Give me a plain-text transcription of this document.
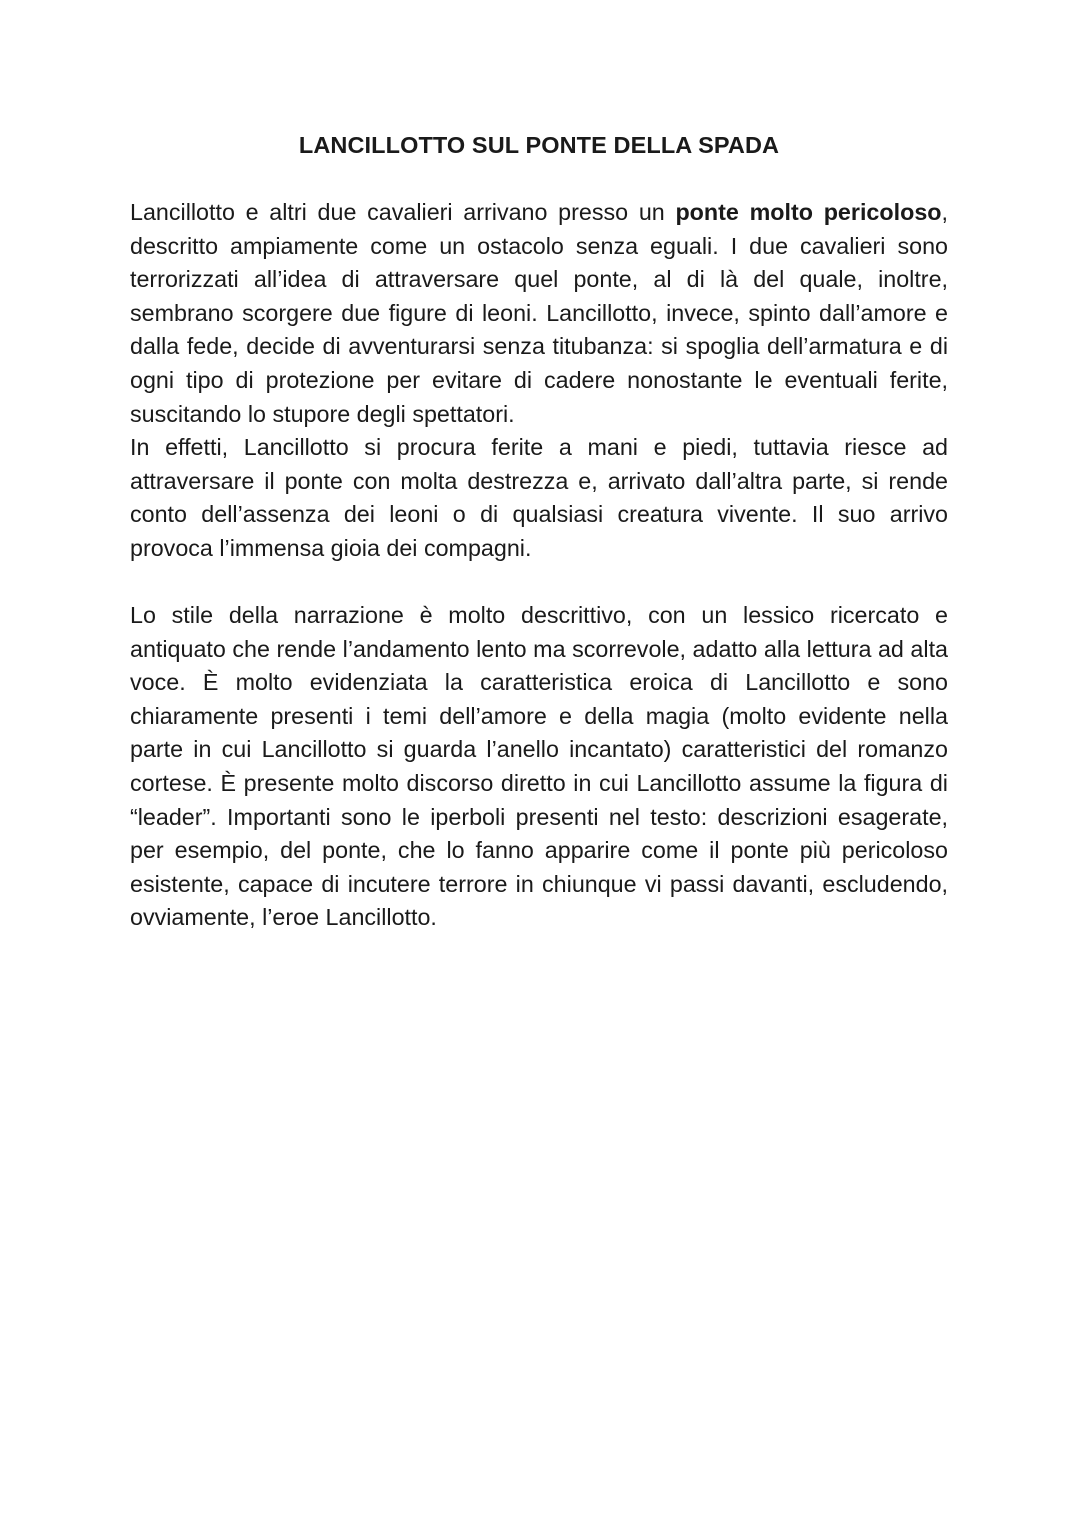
LANCILLOTTO SUL PONTE DELLA SPADA

Lancillotto e altri due cavalieri arrivano presso un ponte molto pericoloso, descritto ampiamente come un ostacolo senza eguali. I due cavalieri sono terrorizzati all’idea di attraversare quel ponte, al di là del quale, inoltre, sembrano scorgere due figure di leoni. Lancillotto, invece, spinto dall’amore e dalla fede, decide di avventurarsi senza titubanza: si spoglia dell’armatura e di ogni tipo di protezione per evitare di cadere nonostante le eventuali ferite, suscitando lo stupore degli spettatori.

In effetti, Lancillotto si procura ferite a mani e piedi, tuttavia riesce ad attraversare il ponte con molta destrezza e, arrivato dall’altra parte, si rende conto dell’assenza dei leoni o di qualsiasi creatura vivente. Il suo arrivo provoca l’immensa gioia dei compagni.

Lo stile della narrazione è molto descrittivo, con un lessico ricercato e antiquato che rende l’andamento lento ma scorrevole, adatto alla lettura ad alta voce. È molto evidenziata la caratteristica eroica di Lancillotto e sono chiaramente presenti i temi dell’amore e della magia (molto evidente nella parte in cui Lancillotto si guarda l’anello incantato) caratteristici del romanzo cortese. È presente molto discorso diretto in cui Lancillotto assume la figura di “leader”. Importanti sono le iperboli presenti nel testo: descrizioni esagerate, per esempio, del ponte, che lo fanno apparire come il ponte più pericoloso esistente, capace di incutere terrore in chiunque vi passi davanti, escludendo, ovviamente, l’eroe Lancillotto.
